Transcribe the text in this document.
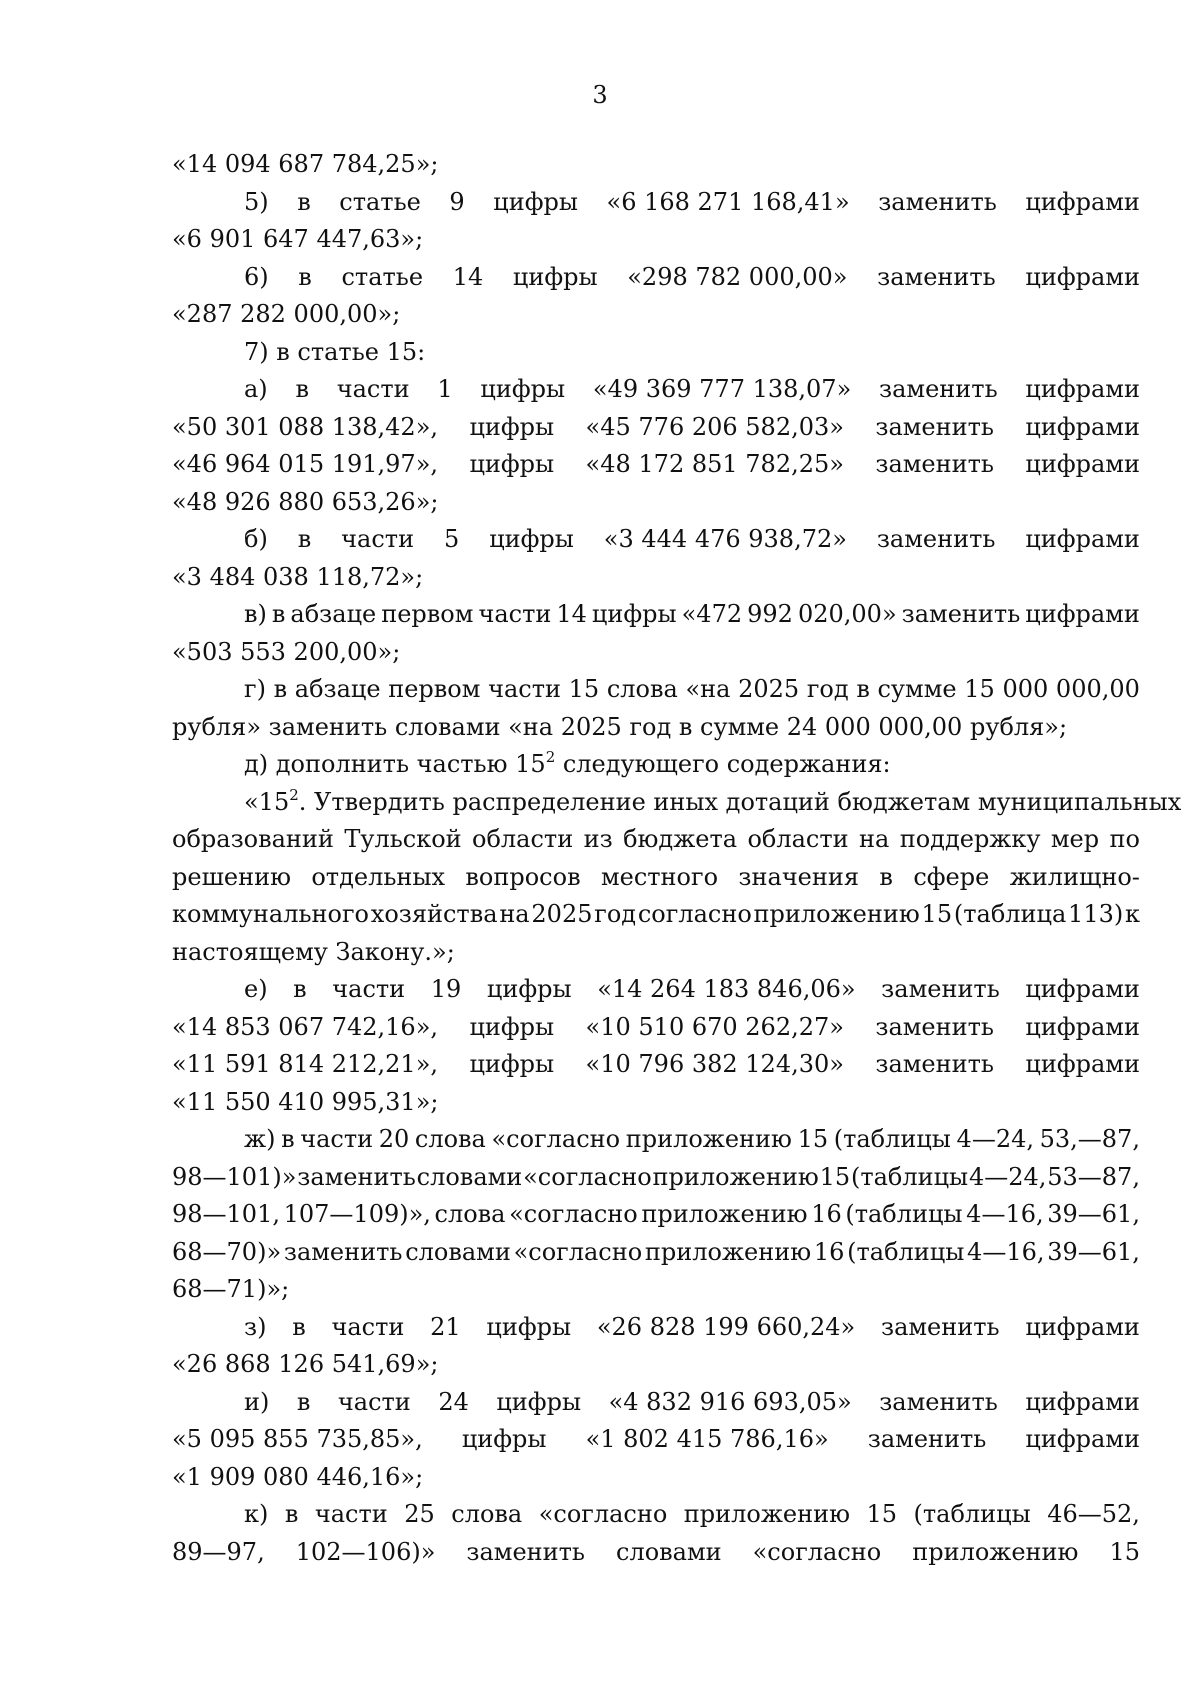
3
«14 094 687 784,25»;
5) в статье 9 цифры «6 168 271 168,41» заменить цифрами
«6 901 647 447,63»;
6) в статье 14 цифры «298 782 000,00» заменить цифрами
«287 282 000,00»;
7) в статье 15:
а) в части 1 цифры «49 369 777 138,07» заменить цифрами
«50 301 088 138,42», цифры «45 776 206 582,03» заменить цифрами
«46 964 015 191,97», цифры «48 172 851 782,25» заменить цифрами
«48 926 880 653,26»;
б) в части 5 цифры «3 444 476 938,72» заменить цифрами
«3 484 038 118,72»;
в) в абзаце первом части 14 цифры «472 992 020,00» заменить цифрами
«503 553 200,00»;
г) в абзаце первом части 15 слова «на 2025 год в сумме 15 000 000,00
рубля» заменить словами «на 2025 год в сумме 24 000 000,00 рубля»;
д) дополнить частью $15^2$ следующего содержания:
«$15^2$. Утвердить распределение иных дотаций бюджетам муниципальных
образований Тульской области из бюджета области на поддержку мер по
решению отдельных вопросов местного значения в сфере жилищно-
коммунального хозяйства на 2025 год согласно приложению 15 (таблица 113) к
настоящему Закону.»;
е) в части 19 цифры «14 264 183 846,06» заменить цифрами
«14 853 067 742,16», цифры «10 510 670 262,27» заменить цифрами
«11 591 814 212,21», цифры «10 796 382 124,30» заменить цифрами
«11 550 410 995,31»;
ж) в части 20 слова «согласно приложению 15 (таблицы 4—24, 53,—87,
98—101)» заменить словами «согласно приложению 15 (таблицы 4—24, 53—87,
98—101, 107—109)», слова «согласно приложению 16 (таблицы 4—16, 39—61,
68—70)» заменить словами «согласно приложению 16 (таблицы 4—16, 39—61,
68—71)»;
з) в части 21 цифры «26 828 199 660,24» заменить цифрами
«26 868 126 541,69»;
и) в части 24 цифры «4 832 916 693,05» заменить цифрами
«5 095 855 735,85», цифры «1 802 415 786,16» заменить цифрами
«1 909 080 446,16»;
к) в части 25 слова «согласно приложению 15 (таблицы 46—52,
89—97, 102—106)» заменить словами «согласно приложению 15
